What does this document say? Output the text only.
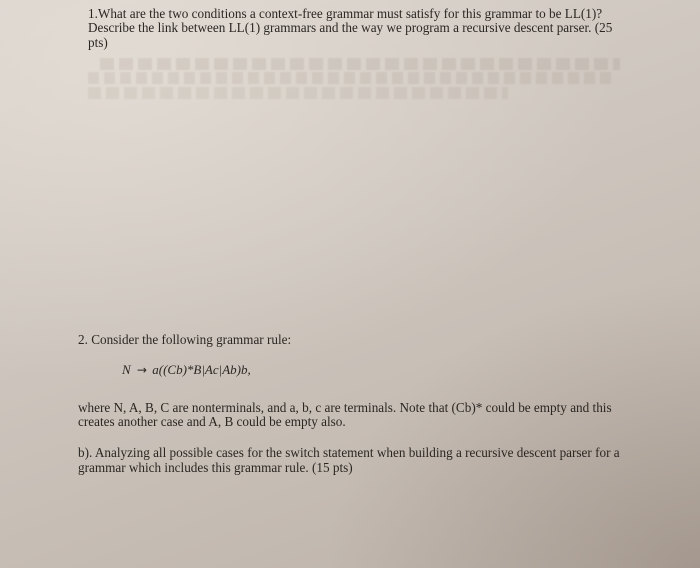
1.What are the two conditions a context-free grammar must satisfy for this grammar to be LL(1)?
Describe the link between LL(1) grammars and the way we program a recursive descent parser. (25
pts)
2. Consider the following grammar rule:
N → a((Cb)*B|Ac|Ab)b,
where N, A, B, C are nonterminals, and a, b, c are terminals. Note that (Cb)* could be empty and this
creates another case and A, B could be empty also.
b). Analyzing all possible cases for the switch statement when building a recursive descent parser for a
grammar which includes this grammar rule. (15 pts)
